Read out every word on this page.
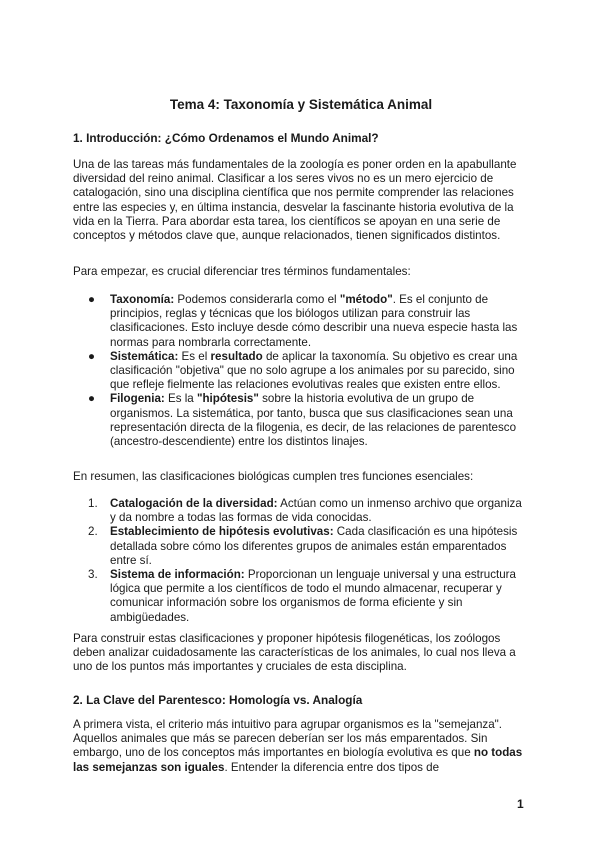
Tema 4: Taxonomía y Sistemática Animal
1. Introducción: ¿Cómo Ordenamos el Mundo Animal?

Una de las tareas más fundamentales de la zoología es poner orden en la apabullante diversidad del reino animal. Clasificar a los seres vivos no es un mero ejercicio de catalogación, sino una disciplina científica que nos permite comprender las relaciones entre las especies y, en última instancia, desvelar la fascinante historia evolutiva de la vida en la Tierra. Para abordar esta tarea, los científicos se apoyan en una serie de conceptos y métodos clave que, aunque relacionados, tienen significados distintos.

Para empezar, es crucial diferenciar tres términos fundamentales:

● Taxonomía: Podemos considerarla como el "método". Es el conjunto de principios, reglas y técnicas que los biólogos utilizan para construir las clasificaciones. Esto incluye desde cómo describir una nueva especie hasta las normas para nombrarla correctamente.
● Sistemática: Es el resultado de aplicar la taxonomía. Su objetivo es crear una clasificación "objetiva" que no solo agrupe a los animales por su parecido, sino que refleje fielmente las relaciones evolutivas reales que existen entre ellos.
● Filogenia: Es la "hipótesis" sobre la historia evolutiva de un grupo de organismos. La sistemática, por tanto, busca que sus clasificaciones sean una representación directa de la filogenia, es decir, de las relaciones de parentesco (ancestro-descendiente) entre los distintos linajes.

En resumen, las clasificaciones biológicas cumplen tres funciones esenciales:

1. Catalogación de la diversidad: Actúan como un inmenso archivo que organiza y da nombre a todas las formas de vida conocidas.
2. Establecimiento de hipótesis evolutivas: Cada clasificación es una hipótesis detallada sobre cómo los diferentes grupos de animales están emparentados entre sí.
3. Sistema de información: Proporcionan un lenguaje universal y una estructura lógica que permite a los científicos de todo el mundo almacenar, recuperar y comunicar información sobre los organismos de forma eficiente y sin ambigüedades.

Para construir estas clasificaciones y proponer hipótesis filogenéticas, los zoólogos deben analizar cuidadosamente las características de los animales, lo cual nos lleva a uno de los puntos más importantes y cruciales de esta disciplina.

2. La Clave del Parentesco: Homología vs. Analogía

A primera vista, el criterio más intuitivo para agrupar organismos es la "semejanza". Aquellos animales que más se parecen deberían ser los más emparentados. Sin embargo, uno de los conceptos más importantes en biología evolutiva es que no todas las semejanzas son iguales. Entender la diferencia entre dos tipos de

1
